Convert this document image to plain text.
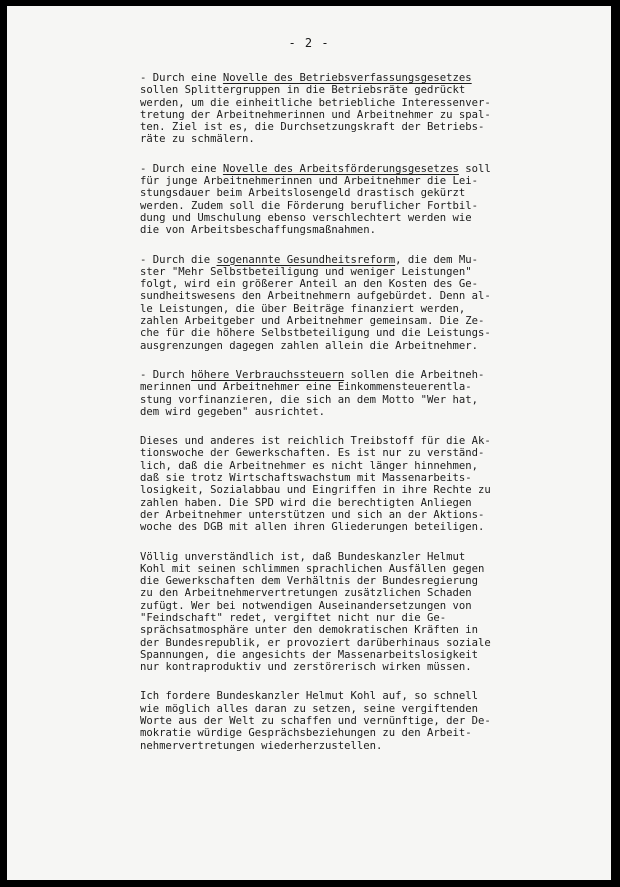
- 2 -

- Durch eine Novelle des Betriebsverfassungsgesetzes
sollen Splittergruppen in die Betriebsräte gedrückt
werden, um die einheitliche betriebliche Interessenver-
tretung der Arbeitnehmerinnen und Arbeitnehmer zu spal-
ten. Ziel ist es, die Durchsetzungskraft der Betriebs-
räte zu schmälern.

- Durch eine Novelle des Arbeitsförderungsgesetzes soll
für junge Arbeitnehmerinnen und Arbeitnehmer die Lei-
stungsdauer beim Arbeitslosengeld drastisch gekürzt
werden. Zudem soll die Förderung beruflicher Fortbil-
dung und Umschulung ebenso verschlechtert werden wie
die von Arbeitsbeschaffungsmaßnahmen.

- Durch die sogenannte Gesundheitsreform, die dem Mu-
ster "Mehr Selbstbeteiligung und weniger Leistungen"
folgt, wird ein größerer Anteil an den Kosten des Ge-
sundheitswesens den Arbeitnehmern aufgebürdet. Denn al-
le Leistungen, die über Beiträge finanziert werden,
zahlen Arbeitgeber und Arbeitnehmer gemeinsam. Die Ze-
che für die höhere Selbstbeteiligung und die Leistungs-
ausgrenzungen dagegen zahlen allein die Arbeitnehmer.

- Durch höhere Verbrauchssteuern sollen die Arbeitneh-
merinnen und Arbeitnehmer eine Einkommensteuerentla-
stung vorfinanzieren, die sich an dem Motto "Wer hat,
dem wird gegeben" ausrichtet.

Dieses und anderes ist reichlich Treibstoff für die Ak-
tionswoche der Gewerkschaften. Es ist nur zu verständ-
lich, daß die Arbeitnehmer es nicht länger hinnehmen,
daß sie trotz Wirtschaftswachstum mit Massenarbeits-
losigkeit, Sozialabbau und Eingriffen in ihre Rechte zu
zahlen haben. Die SPD wird die berechtigten Anliegen
der Arbeitnehmer unterstützen und sich an der Aktions-
woche des DGB mit allen ihren Gliederungen beteiligen.

Völlig unverständlich ist, daß Bundeskanzler Helmut
Kohl mit seinen schlimmen sprachlichen Ausfällen gegen
die Gewerkschaften dem Verhältnis der Bundesregierung
zu den Arbeitnehmervertretungen zusätzlichen Schaden
zufügt. Wer bei notwendigen Auseinandersetzungen von
"Feindschaft" redet, vergiftet nicht nur die Ge-
sprächsatmosphäre unter den demokratischen Kräften in
der Bundesrepublik, er provoziert darüberhinaus soziale
Spannungen, die angesichts der Massenarbeitslosigkeit
nur kontraproduktiv und zerstörerisch wirken müssen.

Ich fordere Bundeskanzler Helmut Kohl auf, so schnell
wie möglich alles daran zu setzen, seine vergiftenden
Worte aus der Welt zu schaffen und vernünftige, der De-
mokratie würdige Gesprächsbeziehungen zu den Arbeit-
nehmervertretungen wiederherzustellen.
